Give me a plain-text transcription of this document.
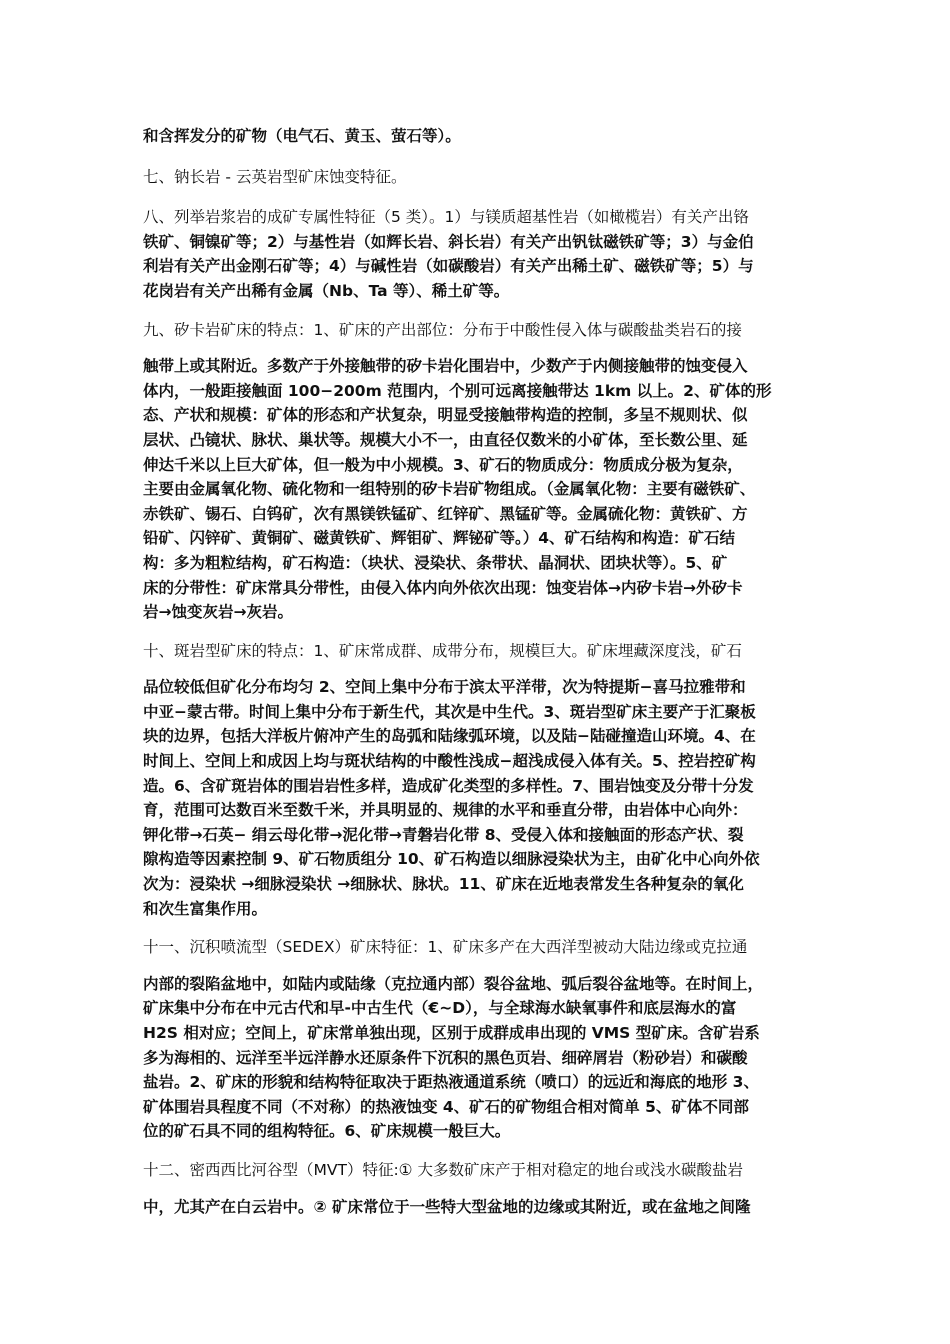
和含挥发分的矿物（电气石、黄玉、萤石等）。

七、钠长岩 - 云英岩型矿床蚀变特征。

八、列举岩浆岩的成矿专属性特征（5 类）。1）与镁质超基性岩（如橄榄岩）有关产出铬
铁矿、铜镍矿等；2）与基性岩（如辉长岩、斜长岩）有关产出钒钛磁铁矿等；3）与金伯
利岩有关产出金刚石矿等；4）与碱性岩（如碳酸岩）有关产出稀土矿、磁铁矿等；5）与
花岗岩有关产出稀有金属（Nb、Ta 等）、稀土矿等。

九、矽卡岩矿床的特点：1、矿床的产出部位：分布于中酸性侵入体与碳酸盐类岩石的接
触带上或其附近。多数产于外接触带的矽卡岩化围岩中，少数产于内侧接触带的蚀变侵入
体内，一般距接触面 100−200m 范围内，个别可远离接触带达 1km 以上。2、矿体的形
态、产状和规模：矿体的形态和产状复杂，明显受接触带构造的控制，多呈不规则状、似
层状、凸镜状、脉状、巢状等。规模大小不一，由直径仅数米的小矿体，至长数公里、延
伸达千米以上巨大矿体，但一般为中小规模。3、矿石的物质成分：物质成分极为复杂，
主要由金属氧化物、硫化物和一组特别的矽卡岩矿物组成。（金属氧化物：主要有磁铁矿、
赤铁矿、锡石、白钨矿，次有黑镁铁锰矿、红锌矿、黑锰矿等。金属硫化物：黄铁矿、方
铅矿、闪锌矿、黄铜矿、磁黄铁矿、辉钼矿、辉铋矿等。）4、矿石结构和构造：矿石结
构：多为粗粒结构，矿石构造：（块状、浸染状、条带状、晶洞状、团块状等）。5、矿
床的分带性：矿床常具分带性，由侵入体内向外依次出现：蚀变岩体→内矽卡岩→外矽卡
岩→蚀变灰岩→灰岩。

十、斑岩型矿床的特点：1、矿床常成群、成带分布，规模巨大。矿床埋藏深度浅，矿石
品位较低但矿化分布均匀 2、空间上集中分布于滨太平洋带，次为特提斯−喜马拉雅带和
中亚−蒙古带。时间上集中分布于新生代，其次是中生代。3、斑岩型矿床主要产于汇聚板
块的边界，包括大洋板片俯冲产生的岛弧和陆缘弧环境，以及陆−陆碰撞造山环境。4、在
时间上、空间上和成因上均与斑状结构的中酸性浅成−超浅成侵入体有关。5、控岩控矿构
造。6、含矿斑岩体的围岩岩性多样，造成矿化类型的多样性。7、围岩蚀变及分带十分发
育，范围可达数百米至数千米，并具明显的、规律的水平和垂直分带，由岩体中心向外：
钾化带→石英− 绢云母化带→泥化带→青磐岩化带 8、受侵入体和接触面的形态产状、裂
隙构造等因素控制 9、矿石物质组分 10、矿石构造以细脉浸染状为主，由矿化中心向外依
次为：浸染状 →细脉浸染状 →细脉状、脉状。11、矿床在近地表常发生各种复杂的氧化
和次生富集作用。

十一、沉积喷流型（SEDEX）矿床特征：1、矿床多产在大西洋型被动大陆边缘或克拉通
内部的裂陷盆地中，如陆内或陆缘（克拉通内部）裂谷盆地、弧后裂谷盆地等。在时间上，
矿床集中分布在中元古代和早-中古生代（€~D），与全球海水缺氧事件和底层海水的富
H2S 相对应；空间上，矿床常单独出现，区别于成群成串出现的 VMS 型矿床。含矿岩系
多为海相的、远洋至半远洋静水还原条件下沉积的黑色页岩、细碎屑岩（粉砂岩）和碳酸
盐岩。2、矿床的形貌和结构特征取决于距热液通道系统（喷口）的远近和海底的地形 3、
矿体围岩具程度不同（不对称）的热液蚀变 4、矿石的矿物组合相对简单 5、矿体不同部
位的矿石具不同的组构特征。6、矿床规模一般巨大。

十二、密西西比河谷型（MVT）特征:① 大多数矿床产于相对稳定的地台或浅水碳酸盐岩
中，尤其产在白云岩中。② 矿床常位于一些特大型盆地的边缘或其附近，或在盆地之间隆
